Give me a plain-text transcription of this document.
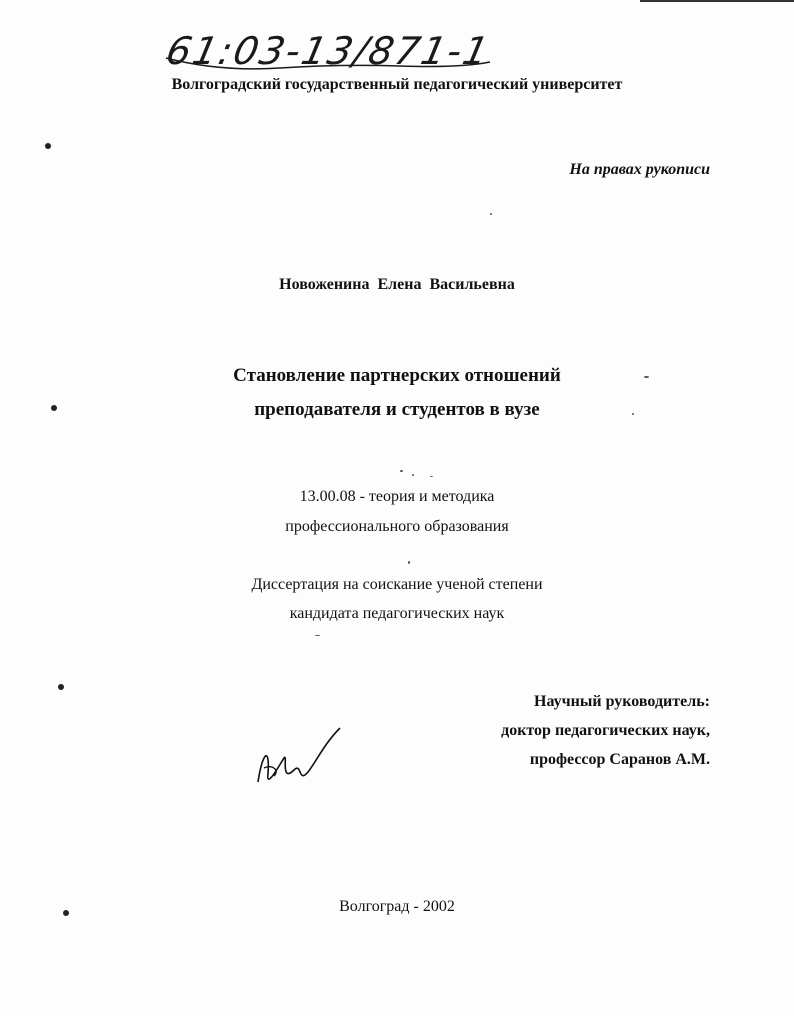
61:03-13/871-1
Волгоградский государственный педагогический университет
На правах рукописи
Новоженина Елена Васильевна
Становление партнерских отношений
преподавателя и студентов в вузе
13.00.08 - теория и методика
профессионального образования
Диссертация на соискание ученой степени
кандидата педагогических наук
Научный руководитель:
доктор педагогических наук,
профессор Саранов А.М.
Волгоград - 2002
